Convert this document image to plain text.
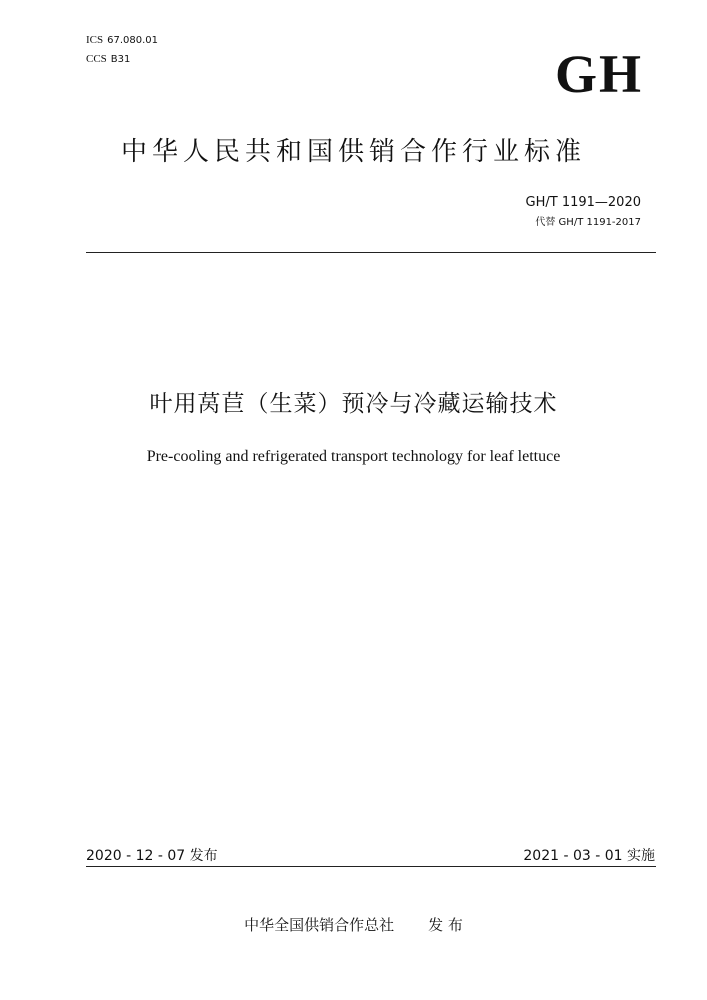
ICS 67.080.01
CCS B31	GH
中华人民共和国供销合作行业标准
GH/T 1191—2020
代替 GH/T 1191-2017
叶用莴苣（生菜）预冷与冷藏运输技术
Pre-cooling and refrigerated transport technology for leaf lettuce
2020 - 12 - 07 发布	2021 - 03 - 01 实施
中华全国供销合作总社 发 布
